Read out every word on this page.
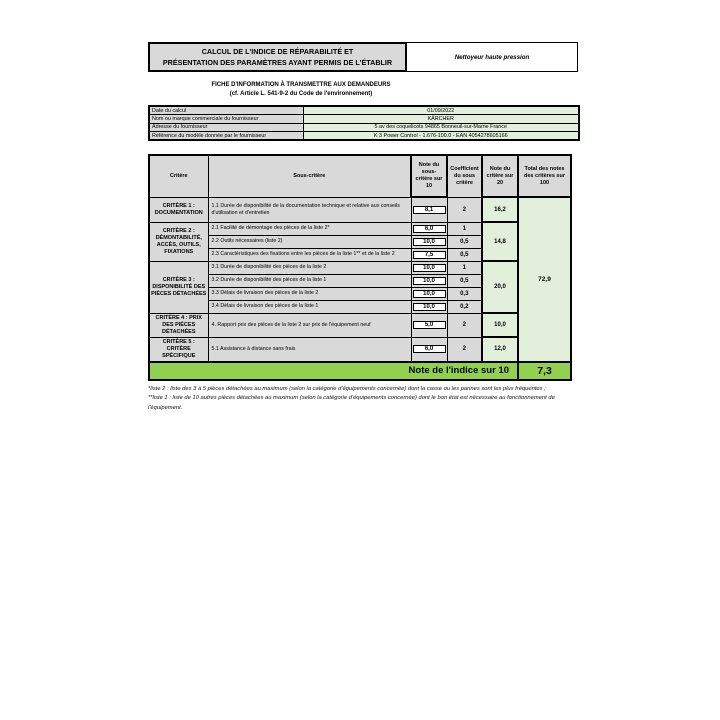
CALCUL DE L'INDICE DE RÉPARABILITÉ ET
PRÉSENTATION DES PARAMÈTRES AYANT PERMIS DE L'ÉTABLIR
Nettoyeur haute pression
FICHE D'INFORMATION À TRANSMETTRE AUX DEMANDEURS
(cf. Article L. 541-9-2 du Code de l'environnement)
Date du calcul	01/09/2022
Nom ou marque commerciale du fournisseur	KÄRCHER
Adresse du fournisseur	5 av des coquelicots 94865 Bonneuil-sur-Marne France
Référence du modèle donnée par le fournisseur	K 3 Power Control - 1.676-100.0 - EAN 4054278605166
Critère	Sous-critère	Note du sous-critère sur 10	Coefficient du sous critère	Note du critère sur 20	Total des notes des critères sur 100
CRITÈRE 1 : DOCUMENTATION	1.1 Durée de disponibilité de la documentation technique et relative aux conseils d'utilisation et d'entretien	8,1	2	16,2	72,9
CRITÈRE 2 : DÉMONTABILITÉ, ACCÈS, OUTILS, FIXATIONS	2.1 Facilité de démontage des pièces de la liste 2*	6,0	1	14,8	
	2.2 Outils nécessaires (liste 2)	10,0	0,5		
	2.3 Caractéristiques des fixations entre les pièces de la liste 1** et de la liste 2	7,5	0,5		
CRITÈRE 3 : DISPONIBILITÉ DES PIÈCES DÉTACHÉES	3.1 Durée de disponibilité des pièces de la liste 2	10,0	1	20,0	
	3.2 Durée de disponibilité des pièces de la liste 1	10,0	0,5		
	3.3 Délais de livraison des pièces de la liste 2	10,0	0,3		
	3.4 Délais de livraison des pièces de la liste 1	10,0	0,2		
CRITÈRE 4 : PRIX DES PIÈCES DÉTACHÉES	4. Rapport prix des pièces de la liste 2 sur prix de l'équipement neuf	5,0	2	10,0	
CRITÈRE 5 : CRITÈRE SPÉCIFIQUE	5.1 Assistance à distance sans frais	6,0	2	12,0	
Note de l'indice sur 10					7,3
*liste 2 : liste des 3 à 5 pièces détachées au maximum (selon la catégorie d'équipements concernée) dont la casse ou les pannes sont les plus fréquentes ;
**liste 1 : liste de 10 autres pièces détachées au maximum (selon la catégorie d'équipements concernée) dont le bon état est nécessaire au fonctionnement de l'équipement.
